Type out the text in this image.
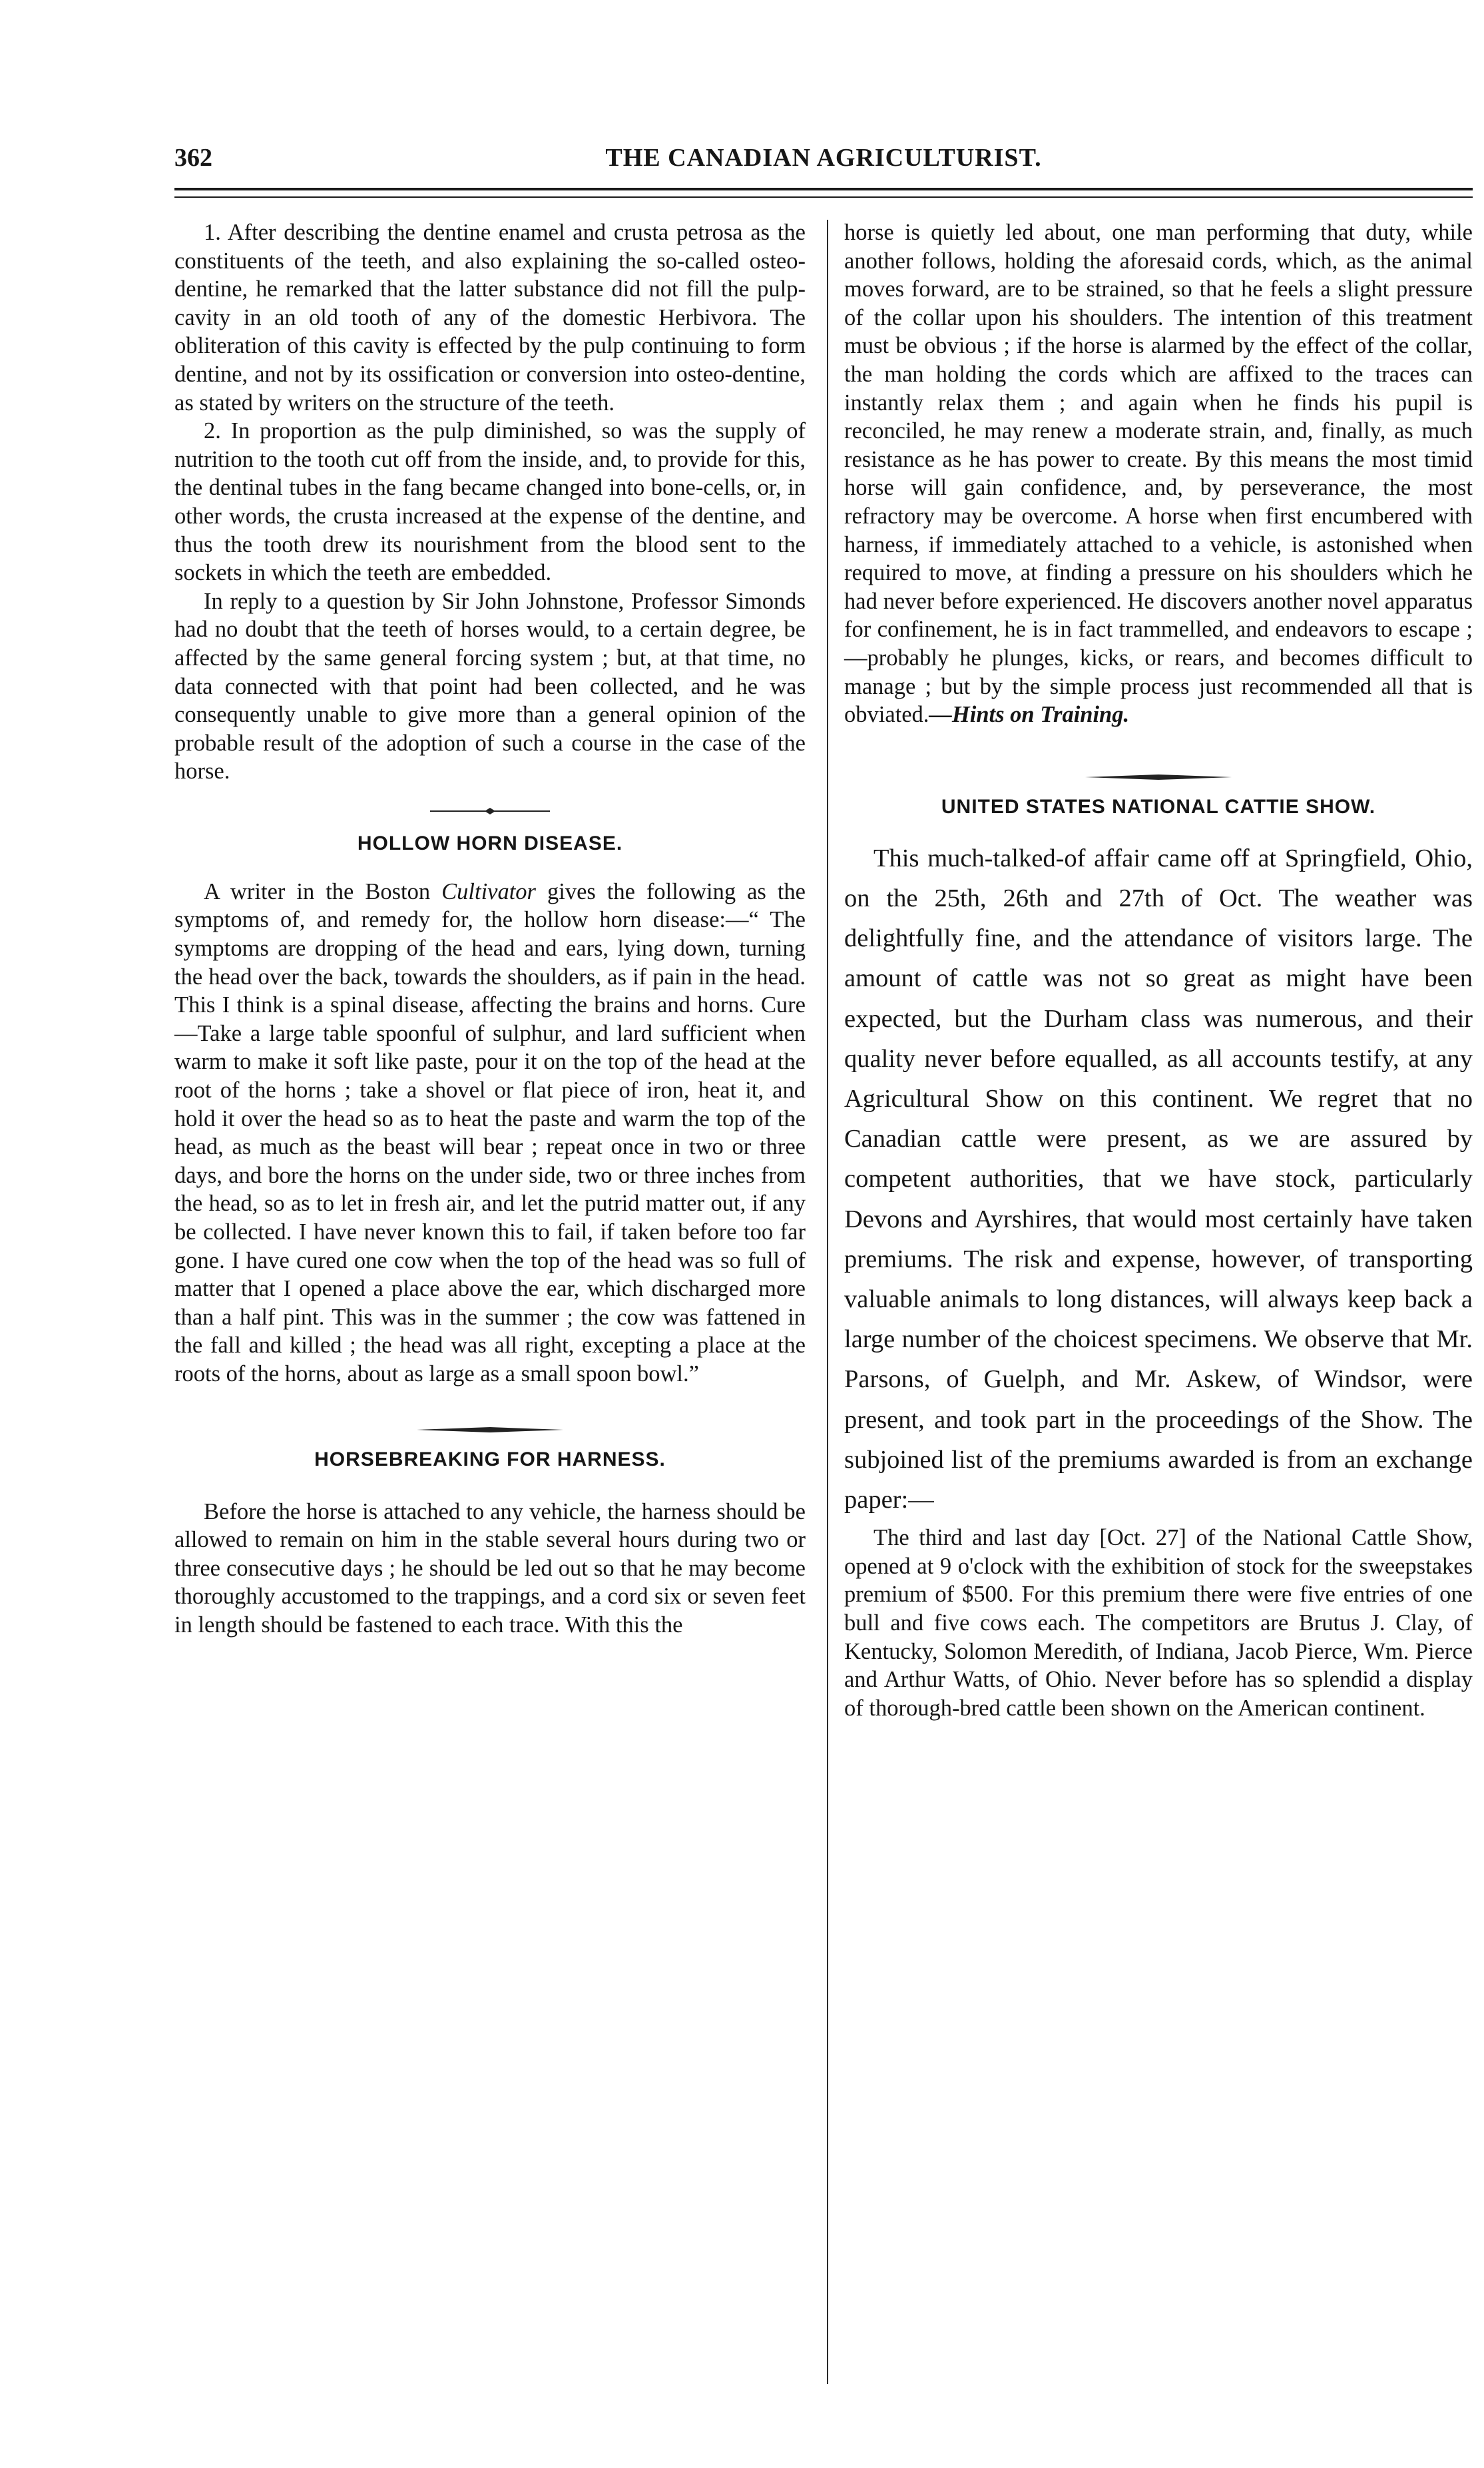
362	THE CANADIAN AGRICULTURIST.

1. After describing the dentine enamel and crusta petrosa as the constituents of the teeth, and also explaining the so-called osteo-dentine, he remarked that the latter substance did not fill the pulp-cavity in an old tooth of any of the domestic Herbivora. The obliteration of this cavity is effected by the pulp continuing to form dentine, and not by its ossification or conversion into osteo-dentine, as stated by writers on the structure of the teeth.

2. In proportion as the pulp diminished, so was the supply of nutrition to the tooth cut off from the inside, and, to provide for this, the dentinal tubes in the fang became changed into bone-cells, or, in other words, the crusta increased at the expense of the dentine, and thus the tooth drew its nourishment from the blood sent to the sockets in which the teeth are embedded.

In reply to a question by Sir John Johnstone, Professor Simonds had no doubt that the teeth of horses would, to a certain degree, be affected by the same general forcing system ; but, at that time, no data connected with that point had been collected, and he was consequently unable to give more than a general opinion of the probable result of the adoption of such a course in the case of the horse.

HOLLOW HORN DISEASE.

A writer in the Boston Cultivator gives the following as the symptoms of, and remedy for, the hollow horn disease:—“ The symptoms are dropping of the head and ears, lying down, turning the head over the back, towards the shoulders, as if pain in the head. This I think is a spinal disease, affecting the brains and horns. Cure—Take a large table spoonful of sulphur, and lard sufficient when warm to make it soft like paste, pour it on the top of the head at the root of the horns ; take a shovel or flat piece of iron, heat it, and hold it over the head so as to heat the paste and warm the top of the head, as much as the beast will bear ; repeat once in two or three days, and bore the horns on the under side, two or three inches from the head, so as to let in fresh air, and let the putrid matter out, if any be collected. I have never known this to fail, if taken before too far gone. I have cured one cow when the top of the head was so full of matter that I opened a place above the ear, which discharged more than a half pint. This was in the summer ; the cow was fattened in the fall and killed ; the head was all right, excepting a place at the roots of the horns, about as large as a small spoon bowl.”

HORSEBREAKING FOR HARNESS.

Before the horse is attached to any vehicle, the harness should be allowed to remain on him in the stable several hours during two or three consecutive days ; he should be led out so that he may become thoroughly accustomed to the trappings, and a cord six or seven feet in length should be fastened to each trace. With this the

horse is quietly led about, one man performing that duty, while another follows, holding the aforesaid cords, which, as the animal moves forward, are to be strained, so that he feels a slight pressure of the collar upon his shoulders. The intention of this treatment must be obvious ; if the horse is alarmed by the effect of the collar, the man holding the cords which are affixed to the traces can instantly relax them ; and again when he finds his pupil is reconciled, he may renew a moderate strain, and, finally, as much resistance as he has power to create. By this means the most timid horse will gain confidence, and, by perseverance, the most refractory may be overcome. A horse when first encumbered with harness, if immediately attached to a vehicle, is astonished when required to move, at finding a pressure on his shoulders which he had never before experienced. He discovers another novel apparatus for confinement, he is in fact trammelled, and endeavors to escape ;—probably he plunges, kicks, or rears, and becomes difficult to manage ; but by the simple process just recommended all that is obviated.—Hints on Training.

UNITED STATES NATIONAL CATTIE SHOW.

This much-talked-of affair came off at Springfield, Ohio, on the 25th, 26th and 27th of Oct. The weather was delightfully fine, and the attendance of visitors large. The amount of cattle was not so great as might have been expected, but the Durham class was numerous, and their quality never before equalled, as all accounts testify, at any Agricultural Show on this continent. We regret that no Canadian cattle were present, as we are assured by competent authorities, that we have stock, particularly Devons and Ayrshires, that would most certainly have taken premiums. The risk and expense, however, of transporting valuable animals to long distances, will always keep back a large number of the choicest specimens. We observe that Mr. Parsons, of Guelph, and Mr. Askew, of Windsor, were present, and took part in the proceedings of the Show. The subjoined list of the premiums awarded is from an exchange paper:—

The third and last day [Oct. 27] of the National Cattle Show, opened at 9 o'clock with the exhibition of stock for the sweepstakes premium of $500. For this premium there were five entries of one bull and five cows each. The competitors are Brutus J. Clay, of Kentucky, Solomon Meredith, of Indiana, Jacob Pierce, Wm. Pierce and Arthur Watts, of Ohio. Never before has so splendid a display of thorough-bred cattle been shown on the American continent.
